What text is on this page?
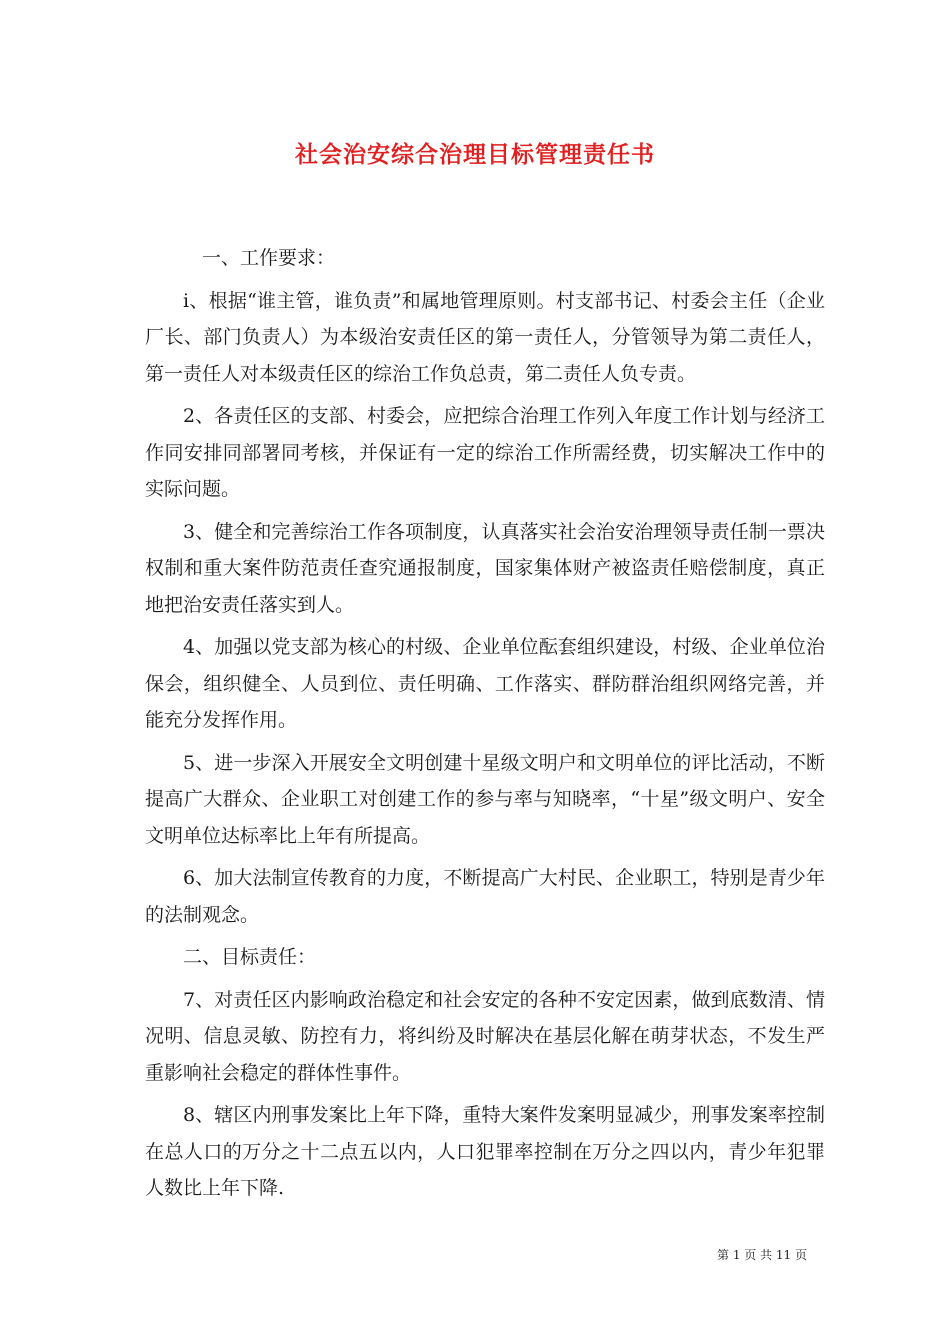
社会治安综合治理目标管理责任书

一、工作要求：

ⅰ、根据“谁主管，谁负责”和属地管理原则。村支部书记、村委会主任（企业厂长、部门负责人）为本级治安责任区的第一责任人，分管领导为第二责任人，第一责任人对本级责任区的综治工作负总责，第二责任人负专责。

2、各责任区的支部、村委会，应把综合治理工作列入年度工作计划与经济工作同安排同部署同考核，并保证有一定的综治工作所需经费，切实解决工作中的实际问题。

3、健全和完善综治工作各项制度，认真落实社会治安治理领导责任制一票决权制和重大案件防范责任查究通报制度，国家集体财产被盗责任赔偿制度，真正地把治安责任落实到人。

4、加强以党支部为核心的村级、企业单位酝套组织建设，村级、企业单位治保会，组织健全、人员到位、责任明确、工作落实、群防群治组织网络完善，并能充分发挥作用。

5、进一步深入开展安全文明创建十星级文明户和文明单位的评比活动，不断提高广大群众、企业职工对创建工作的参与率与知晓率，“十星”级文明户、安全文明单位达标率比上年有所提高。

6、加大法制宣传教育的力度，不断提高广大村民、企业职工，特别是青少年的法制观念。

二、目标责任：

7、对责任区内影响政治稳定和社会安定的各种不安定因素，做到底数清、情况明、信息灵敏、防控有力，将纠纷及时解决在基层化解在萌芽状态，不发生严重影响社会稳定的群体性事件。

8、辖区内刑事发案比上年下降，重特大案件发案明显减少，刑事发案率控制在总人口的万分之十二点五以内，人口犯罪率控制在万分之四以内，青少年犯罪人数比上年下降.

第 1 页 共 11 页
